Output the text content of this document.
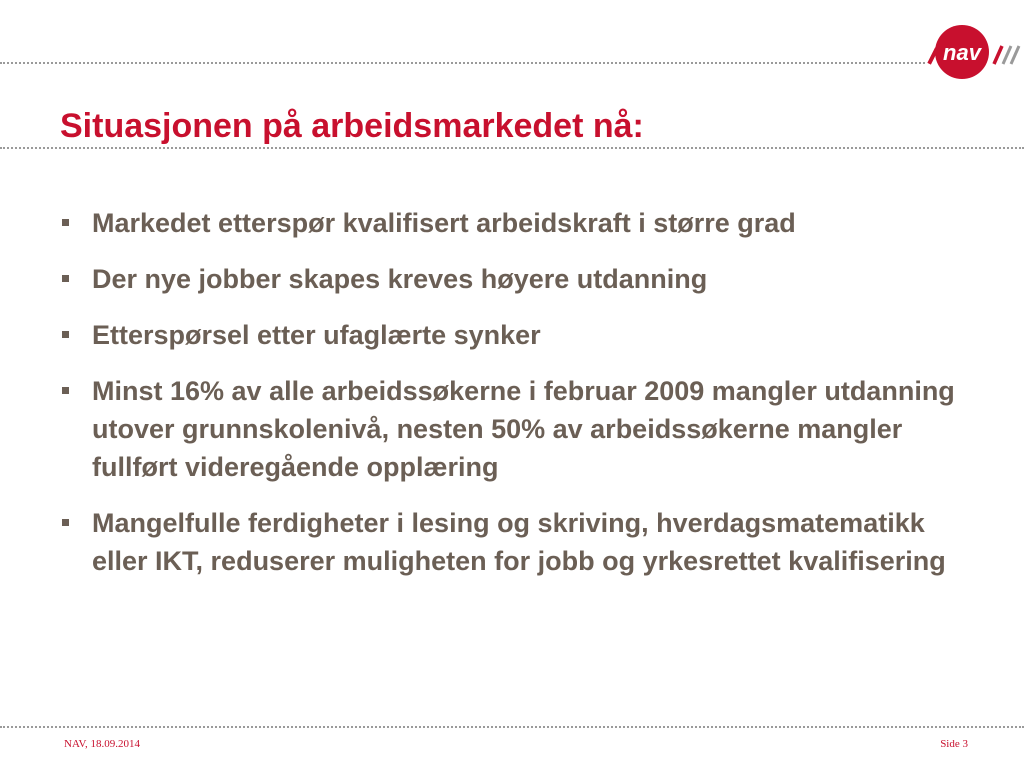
nav
Situasjonen på arbeidsmarkedet nå:
Markedet etterspør kvalifisert arbeidskraft i større grad
Der nye jobber skapes kreves høyere utdanning
Etterspørsel etter ufaglærte synker
Minst 16% av alle arbeidssøkerne i februar 2009 mangler utdanning utover grunnskolenivå, nesten 50% av arbeidssøkerne mangler fullført videregående opplæring
Mangelfulle ferdigheter i lesing og skriving, hverdagsmatematikk eller IKT, reduserer muligheten for jobb og yrkesrettet kvalifisering
NAV, 18.09.2014	Side 3
